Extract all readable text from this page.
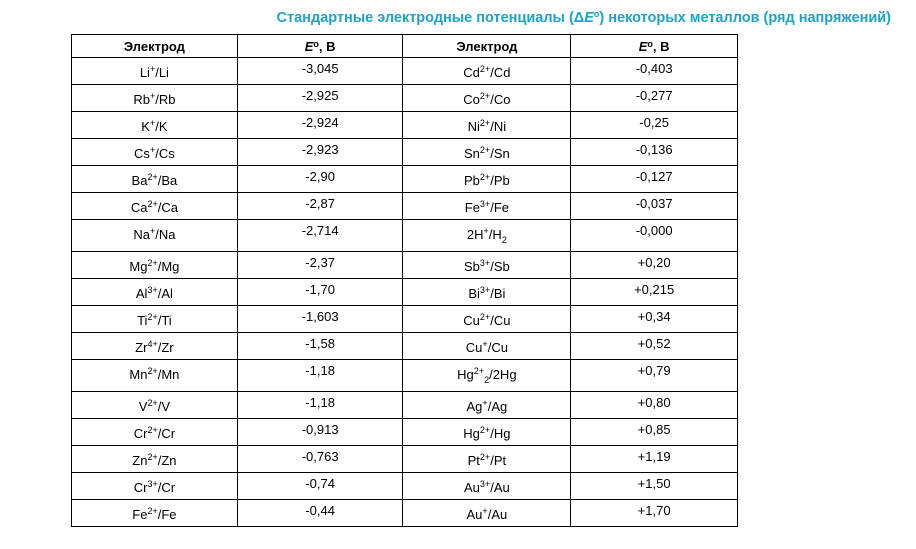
Стандартные электродные потенциалы $(\Delta E^o)$ некоторых металлов (ряд напряжений)
Электрод	$E^o$, В	Электрод	$E^o$, В
Li+/Li	-3,045	$Cd^{2+}/Cd$	-0,403
Rb+/Rb	-2,925	$Co^{2+}/Co$	-0,277
K+/K	-2,924	$Ni^{2+}/Ni$	-0,25
Cs+/Cs	-2,923	$Sn^{2+}/Sn$	-0,136
$Ba^{2+}/Ba$	-2,90	$Pb^{2+}/Pb$	-0,127
$Ca^{2+}/Ca$	-2,87	$Fe^{3+}/Fe$	-0,037
Na+/Na	-2,714	$2H^+/H_2$	-0,000
$Mg^{2+}/Mg$	-2,37	$Sb^{3+}/Sb$	+0,20
$Al^{3+}/Al$	-1,70	$Bi^{3+}/Bi$	+0,215
$Ti^{2+}/Ti$	-1,603	$Cu^{2+}/Cu$	+0,34
$Zr^{4+}/Zr$	-1,58	Cu+/Cu	+0,52
$Mn^{2+}/Mn$	-1,18	$Hg^{2+}_2/2Hg$	+0,79
$V^{2+}/V$	-1,18	Ag+/Ag	+0,80
$Cr^{2+}/Cr$	-0,913	$Hg^{2+}/Hg$	+0,85
$Zn^{2+}/Zn$	-0,763	$Pt^{2+}/Pt$	+1,19
$Cr^{3+}/Cr$	-0,74	$Au^{3+}/Au$	+1,50
$Fe^{2+}/Fe$	-0,44	Au+/Au	+1,70
